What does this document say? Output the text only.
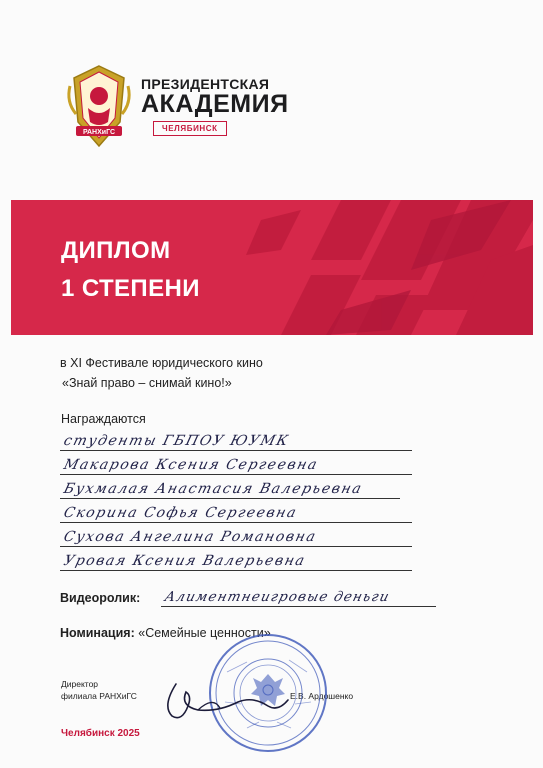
РАНХиГС
ПРЕЗИДЕНТСКАЯ
АКАДЕМИЯ
ЧЕЛЯБИНСК
ДИПЛОМ
1 СТЕПЕНИ
в XI Фестивале юридического кино
«Знай право – снимай кино!»
Награждаются
студенты ГБПОУ ЮУМК
Макарова Ксения Сергеевна
Бухмалая Анастасия Валерьевна
Скорина Софья Сергеевна
Сухова Ангелина Романовна
Уровая Ксения Валерьевна
Видеоролик: Алиментнеигровые деньги
Номинация: «Семейные ценности»
Директор
филиала РАНХиГС	Е.В. Ардошенко
Челябинск 2025
